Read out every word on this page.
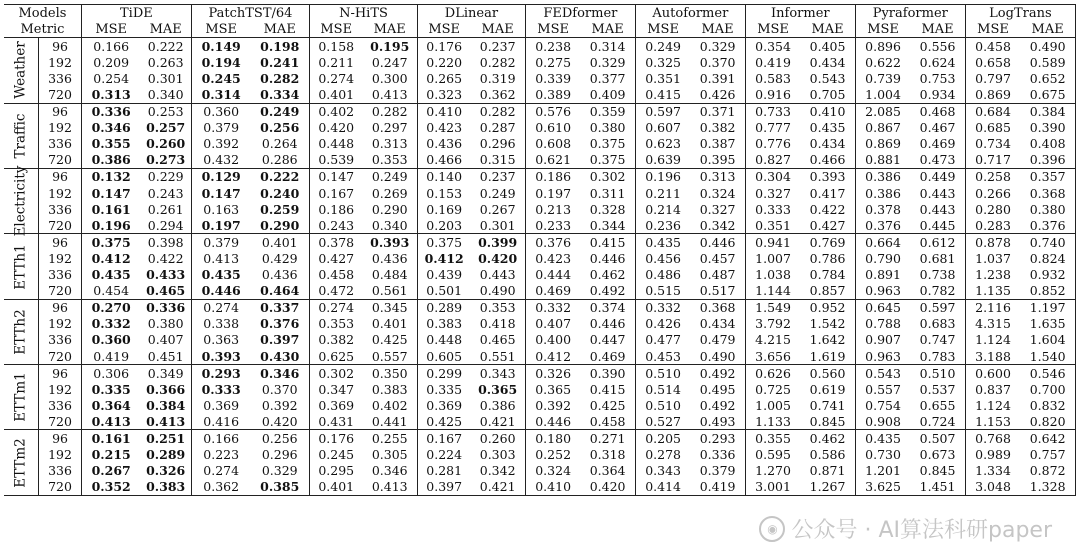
Models		TiDE		PatchTST/64		N-HiTS		DLinear		FEDformer		Autoformer		Informer		Pyraformer		LogTrans	
Metric		MSE	MAE	MSE	MAE	MSE	MAE	MSE	MAE	MSE	MAE	MSE	MAE	MSE	MAE	MSE	MAE	MSE	MAE

Weather	96	0.166	0.222	0.149	0.198	0.158	0.195	0.176	0.237	0.238	0.314	0.249	0.329	0.354	0.405	0.896	0.556	0.458	0.490
	192	0.209	0.263	0.194	0.241	0.211	0.247	0.220	0.282	0.275	0.329	0.325	0.370	0.419	0.434	0.622	0.624	0.658	0.589
	336	0.254	0.301	0.245	0.282	0.274	0.300	0.265	0.319	0.339	0.377	0.351	0.391	0.583	0.543	0.739	0.753	0.797	0.652
	720	0.313	0.340	0.314	0.334	0.401	0.413	0.323	0.362	0.389	0.409	0.415	0.426	0.916	0.705	1.004	0.934	0.869	0.675

Traffic	96	0.336	0.253	0.360	0.249	0.402	0.282	0.410	0.282	0.576	0.359	0.597	0.371	0.733	0.410	2.085	0.468	0.684	0.384
	192	0.346	0.257	0.379	0.256	0.420	0.297	0.423	0.287	0.610	0.380	0.607	0.382	0.777	0.435	0.867	0.467	0.685	0.390
	336	0.355	0.260	0.392	0.264	0.448	0.313	0.436	0.296	0.608	0.375	0.623	0.387	0.776	0.434	0.869	0.469	0.734	0.408
	720	0.386	0.273	0.432	0.286	0.539	0.353	0.466	0.315	0.621	0.375	0.639	0.395	0.827	0.466	0.881	0.473	0.717	0.396

Electricity	96	0.132	0.229	0.129	0.222	0.147	0.249	0.140	0.237	0.186	0.302	0.196	0.313	0.304	0.393	0.386	0.449	0.258	0.357
	192	0.147	0.243	0.147	0.240	0.167	0.269	0.153	0.249	0.197	0.311	0.211	0.324	0.327	0.417	0.386	0.443	0.266	0.368
	336	0.161	0.261	0.163	0.259	0.186	0.290	0.169	0.267	0.213	0.328	0.214	0.327	0.333	0.422	0.378	0.443	0.280	0.380
	720	0.196	0.294	0.197	0.290	0.243	0.340	0.203	0.301	0.233	0.344	0.236	0.342	0.351	0.427	0.376	0.445	0.283	0.376

ETTh1	96	0.375	0.398	0.379	0.401	0.378	0.393	0.375	0.399	0.376	0.415	0.435	0.446	0.941	0.769	0.664	0.612	0.878	0.740
	192	0.412	0.422	0.413	0.429	0.427	0.436	0.412	0.420	0.423	0.446	0.456	0.457	1.007	0.786	0.790	0.681	1.037	0.824
	336	0.435	0.433	0.435	0.436	0.458	0.484	0.439	0.443	0.444	0.462	0.486	0.487	1.038	0.784	0.891	0.738	1.238	0.932
	720	0.454	0.465	0.446	0.464	0.472	0.561	0.501	0.490	0.469	0.492	0.515	0.517	1.144	0.857	0.963	0.782	1.135	0.852

ETTh2	96	0.270	0.336	0.274	0.337	0.274	0.345	0.289	0.353	0.332	0.374	0.332	0.368	1.549	0.952	0.645	0.597	2.116	1.197
	192	0.332	0.380	0.338	0.376	0.353	0.401	0.383	0.418	0.407	0.446	0.426	0.434	3.792	1.542	0.788	0.683	4.315	1.635
	336	0.360	0.407	0.363	0.397	0.382	0.425	0.448	0.465	0.400	0.447	0.477	0.479	4.215	1.642	0.907	0.747	1.124	1.604
	720	0.419	0.451	0.393	0.430	0.625	0.557	0.605	0.551	0.412	0.469	0.453	0.490	3.656	1.619	0.963	0.783	3.188	1.540

ETTm1	96	0.306	0.349	0.293	0.346	0.302	0.350	0.299	0.343	0.326	0.390	0.510	0.492	0.626	0.560	0.543	0.510	0.600	0.546
	192	0.335	0.366	0.333	0.370	0.347	0.383	0.335	0.365	0.365	0.415	0.514	0.495	0.725	0.619	0.557	0.537	0.837	0.700
	336	0.364	0.384	0.369	0.392	0.369	0.402	0.369	0.386	0.392	0.425	0.510	0.492	1.005	0.741	0.754	0.655	1.124	0.832
	720	0.413	0.413	0.416	0.420	0.431	0.441	0.425	0.421	0.446	0.458	0.527	0.493	1.133	0.845	0.908	0.724	1.153	0.820

ETTm2	96	0.161	0.251	0.166	0.256	0.176	0.255	0.167	0.260	0.180	0.271	0.205	0.293	0.355	0.462	0.435	0.507	0.768	0.642
	192	0.215	0.289	0.223	0.296	0.245	0.305	0.224	0.303	0.252	0.318	0.278	0.336	0.595	0.586	0.730	0.673	0.989	0.757
	336	0.267	0.326	0.274	0.329	0.295	0.346	0.281	0.342	0.324	0.364	0.343	0.379	1.270	0.871	1.201	0.845	1.334	0.872
	720	0.352	0.383	0.362	0.385	0.401	0.413	0.397	0.421	0.410	0.420	0.414	0.419	3.001	1.267	3.625	1.451	3.048	1.328
◉ 公众号 · AI算法科研paper
